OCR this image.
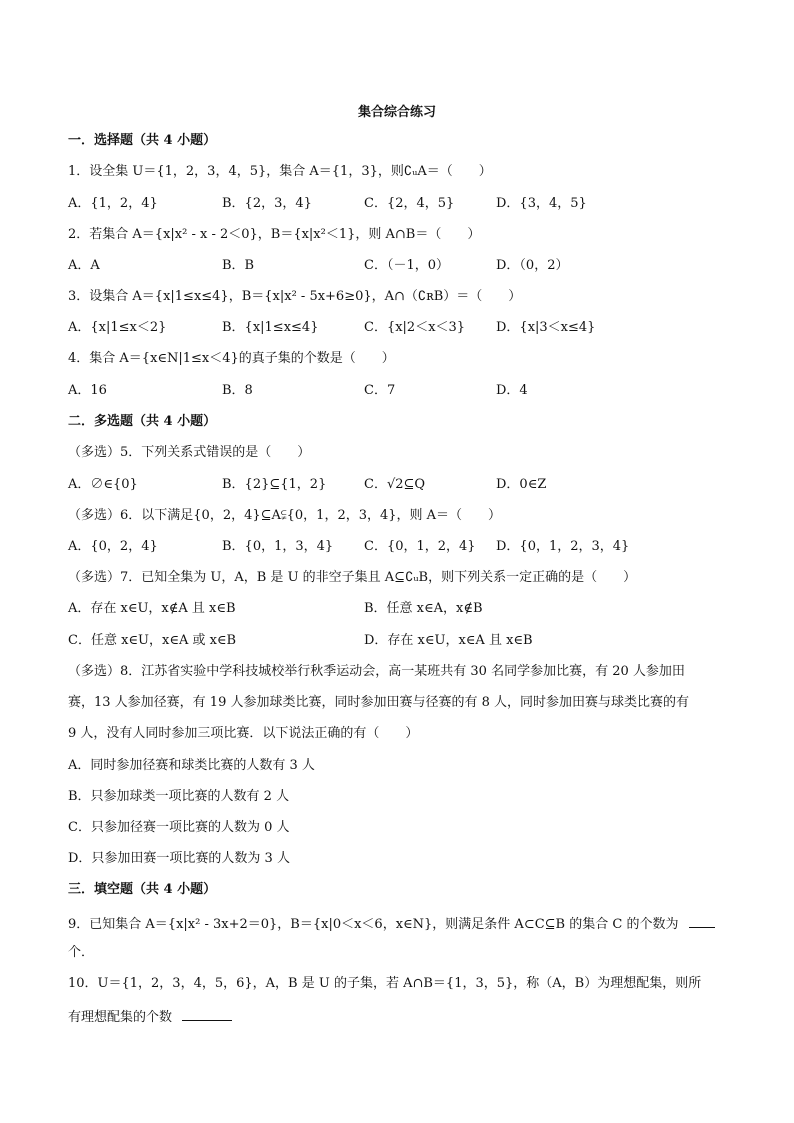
集合综合练习
一．选择题（共 4 小题）
1．设全集 U＝{1，2，3，4，5}，集合 A＝{1，3}，则∁ᵤA＝（　　）
A．{1，2，4}	B．{2，3，4}	C．{2，4，5}	D．{3，4，5}
2．若集合 A＝{x|x² - x - 2＜0}，B＝{x|x²＜1}，则 A∩B＝（　　）
A．A	B．B	C．（－1，0）	D．（0，2）
3．设集合 A＝{x|1≤x≤4}，B＝{x|x² - 5x+6≥0}，A∩（∁ʀB）＝（　　）
A．{x|1≤x＜2}	B．{x|1≤x≤4}	C．{x|2＜x＜3} D．{x|3＜x≤4}
4．集合 A＝{x∈N|1≤x＜4}的真子集的个数是（　　）
A．16	B．8	C．7	D．4
二．多选题（共 4 小题）
（多选）5．下列关系式错误的是（　　）
A．∅∈{0}	B．{2}⊆{1，2}	C．√2⊆Q	D．0∈Z
（多选）6．以下满足{0，2，4}⊆A⫋{0，1，2，3，4}，则 A＝（　　）
A．{0，2，4}	B．{0，1，3，4} C．{0，1，2，4} D．{0，1，2，3，4}
（多选）7．已知全集为 U，A，B 是 U 的非空子集且 A⊆∁ᵤB，则下列关系一定正确的是（　　）
A．存在 x∈U，x∉A 且 x∈B	B．任意 x∈A，x∉B
C．任意 x∈U，x∈A 或 x∈B	D．存在 x∈U，x∈A 且 x∈B
（多选）8．江苏省实验中学科技城校举行秋季运动会，高一某班共有 30 名同学参加比赛，有 20 人参加田
赛，13 人参加径赛，有 19 人参加球类比赛，同时参加田赛与径赛的有 8 人，同时参加田赛与球类比赛的有
9 人，没有人同时参加三项比赛．以下说法正确的有（　　）
A．同时参加径赛和球类比赛的人数有 3 人
B．只参加球类一项比赛的人数有 2 人
C．只参加径赛一项比赛的人数为 0 人
D．只参加田赛一项比赛的人数为 3 人
三．填空题（共 4 小题）
9．已知集合 A＝{x|x² - 3x+2＝0}，B＝{x|0＜x＜6，x∈N}，则满足条件 A⊂C⊆B 的集合 C 的个数为
个．
10．U＝{1，2，3，4，5，6}，A，B 是 U 的子集，若 A∩B＝{1，3，5}，称（A，B）为理想配集，则所
有理想配集的个数
